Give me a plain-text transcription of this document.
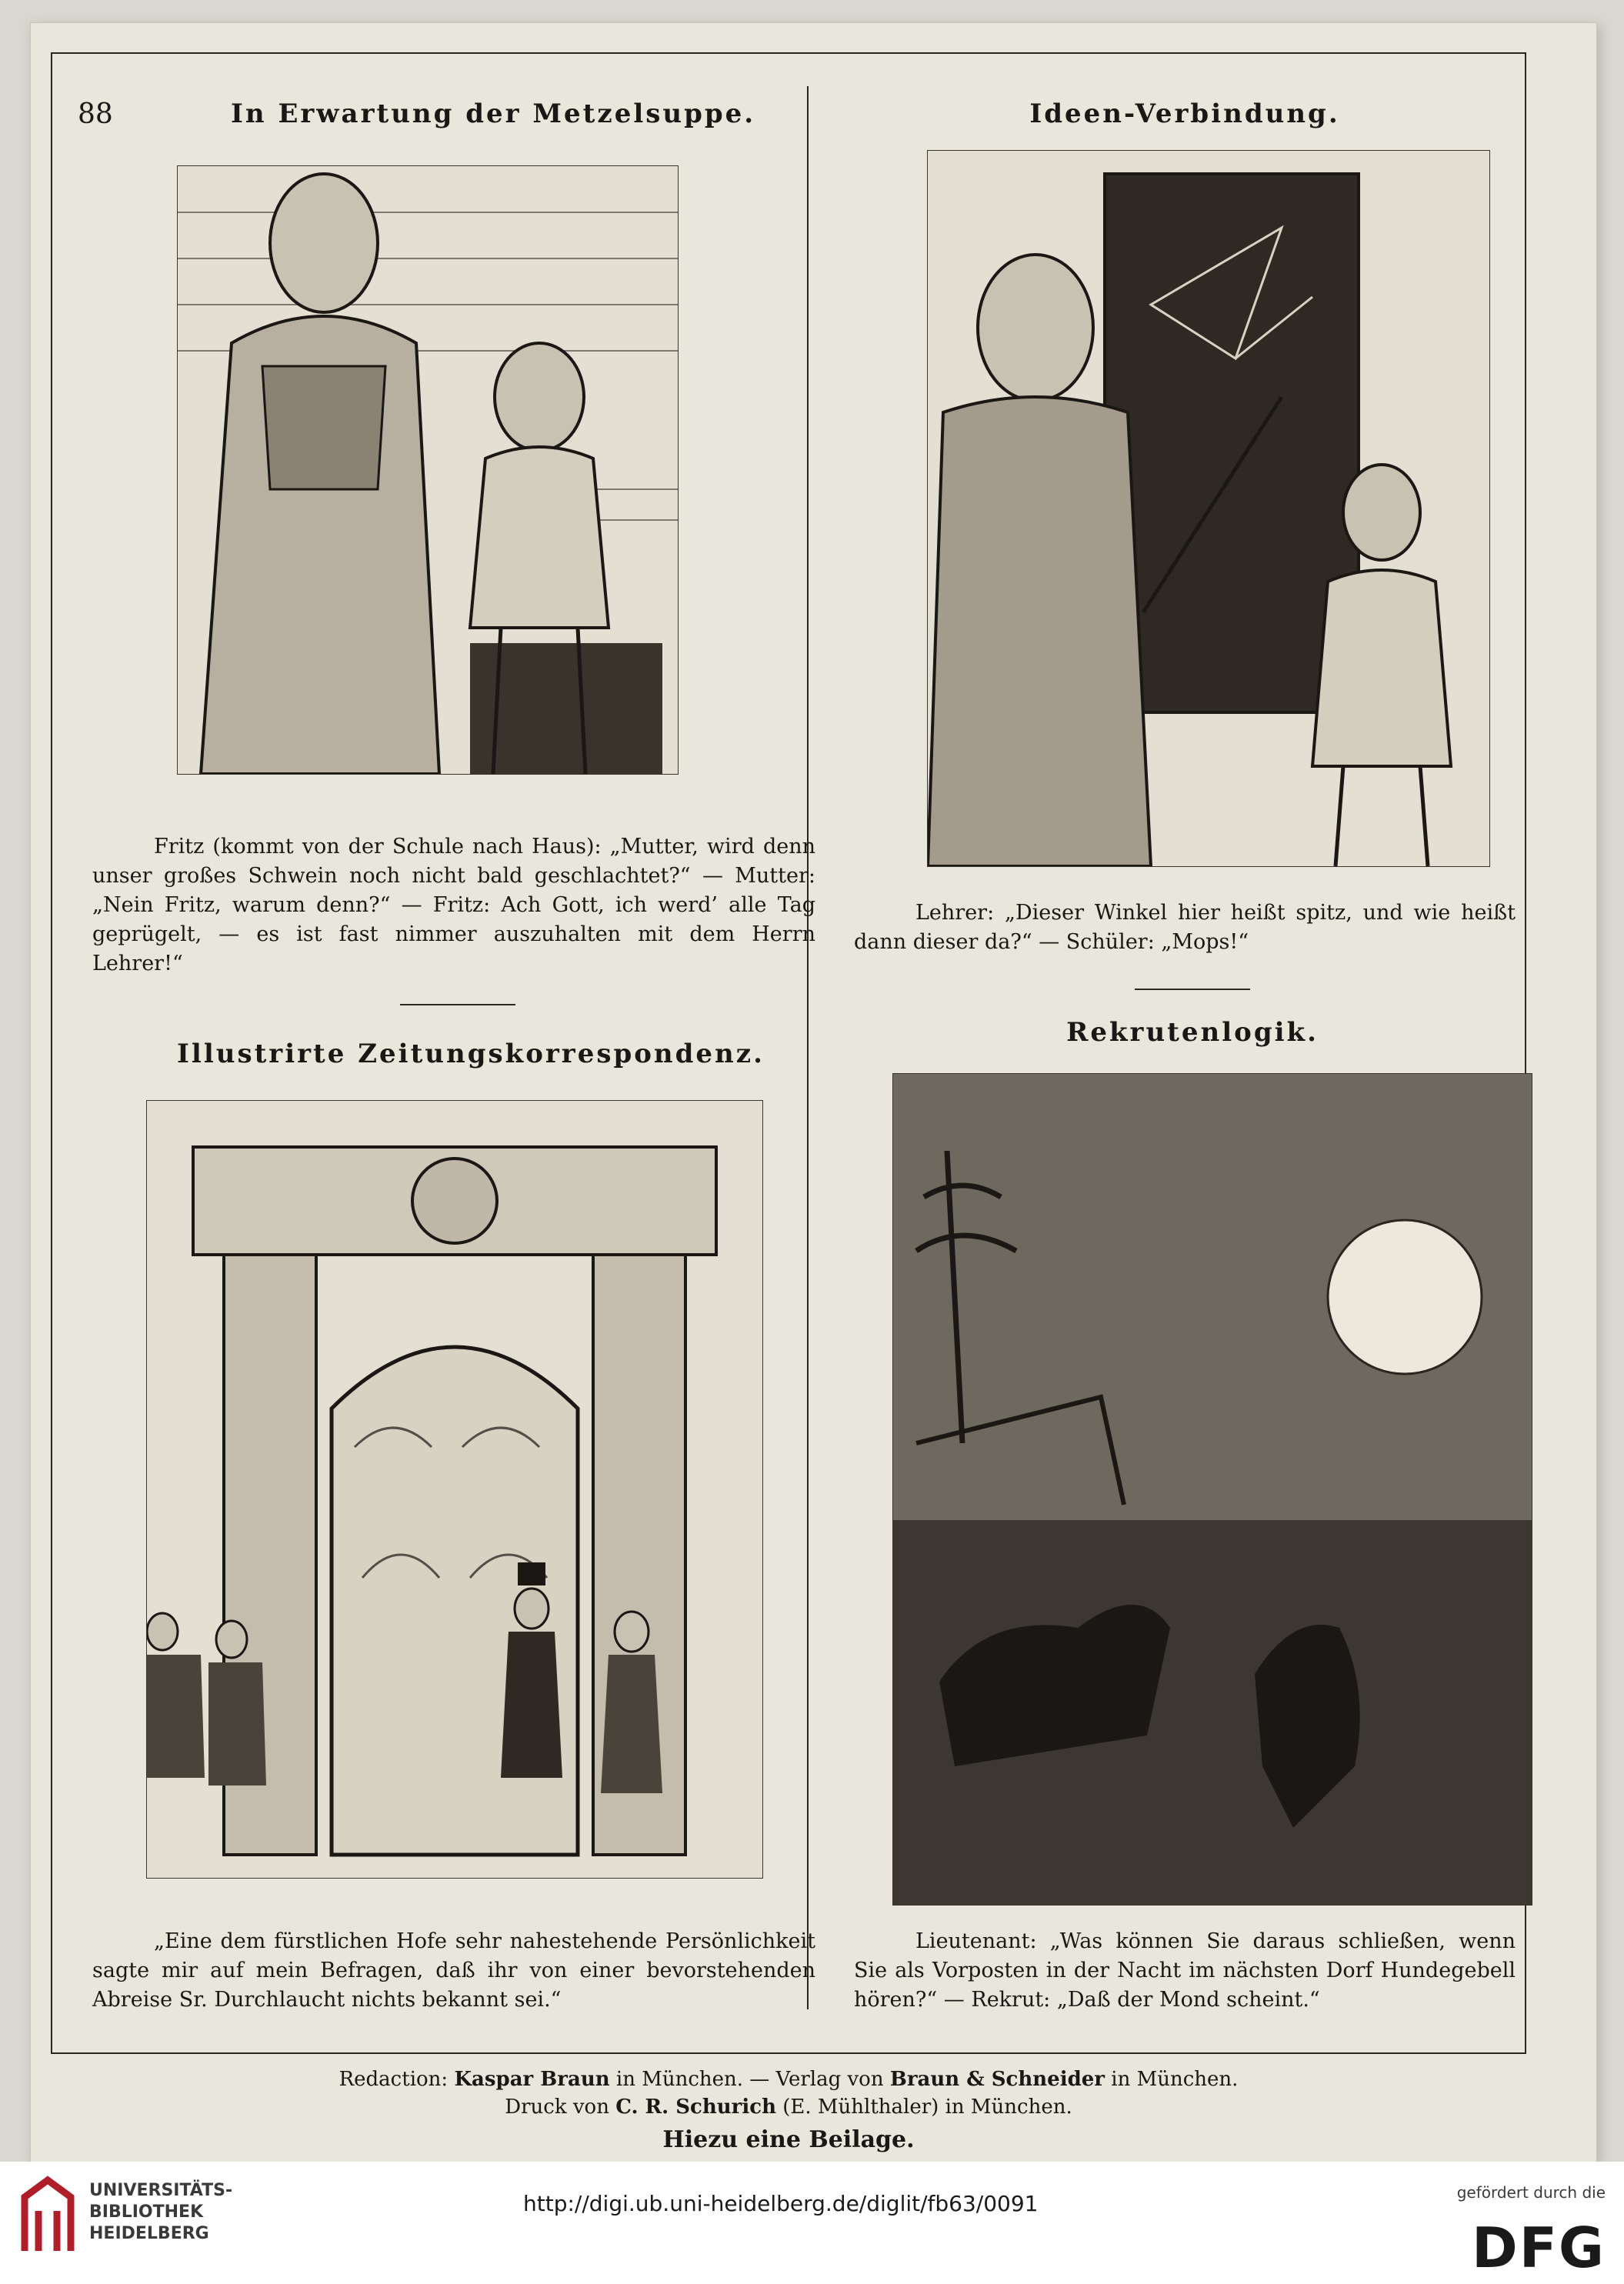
88	In Erwartung der Metzelsuppe.
Fritz (kommt von der Schule nach Haus): „Mutter, wird denn unser großes Schwein noch nicht bald geschlachtet?“ — Mutter: „Nein Fritz, warum denn?“ — Fritz: Ach Gott, ich werd’ alle Tag geprügelt, — es ist fast nimmer auszuhalten mit dem Herrn Lehrer!“
Ideen-Verbindung.
Lehrer: „Dieser Winkel hier heißt spitz, und wie heißt dann dieser da?“ — Schüler: „Mops!“
Illustrirte Zeitungskorrespondenz.
„Eine dem fürstlichen Hofe sehr nahestehende Persönlichkeit sagte mir auf mein Befragen, daß ihr von einer bevorstehenden Abreise Sr. Durchlaucht nichts bekannt sei.“
Rekrutenlogik.
Lieutenant: „Was können Sie daraus schließen, wenn Sie als Vorposten in der Nacht im nächsten Dorf Hundegebell hören?“ — Rekrut: „Daß der Mond scheint.“
Redaction: Kaspar Braun in München. — Verlag von Braun & Schneider in München.
Druck von C. R. Schurich (E. Mühlthaler) in München.
Hiezu eine Beilage.
UNIVERSITÄTS-
BIBLIOTHEK
HEIDELBERG
http://digi.ub.uni-heidelberg.de/diglit/fb63/0091	gefördert durch die
DFG
